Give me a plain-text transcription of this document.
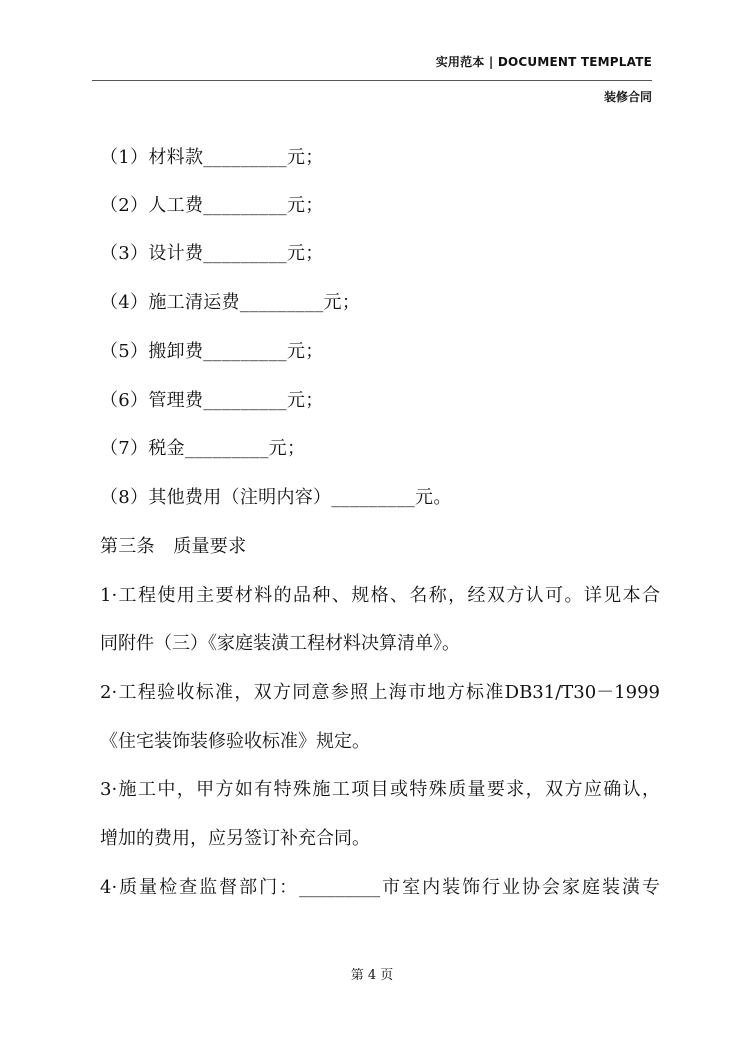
实用范本 | DOCUMENT TEMPLATE
装修合同
（1）材料款_________元；
（2）人工费_________元；
（3）设计费_________元；
（4）施工清运费_________元；
（5）搬卸费_________元；
（6）管理费_________元；
（7）税金_________元；
（8）其他费用（注明内容）_________元。
第三条　质量要求
1·工程使用主要材料的品种、规格、名称，经双方认可。详见本合
同附件（三）《家庭装潢工程材料决算清单》。
2·工程验收标准，双方同意参照上海市地方标准DB31/T30－1999
《住宅装饰装修验收标准》规定。
3·施工中，甲方如有特殊施工项目或特殊质量要求，双方应确认，
增加的费用，应另签订补充合同。
4·质量检查监督部门：_________市室内装饰行业协会家庭装潢专
第 4 页
